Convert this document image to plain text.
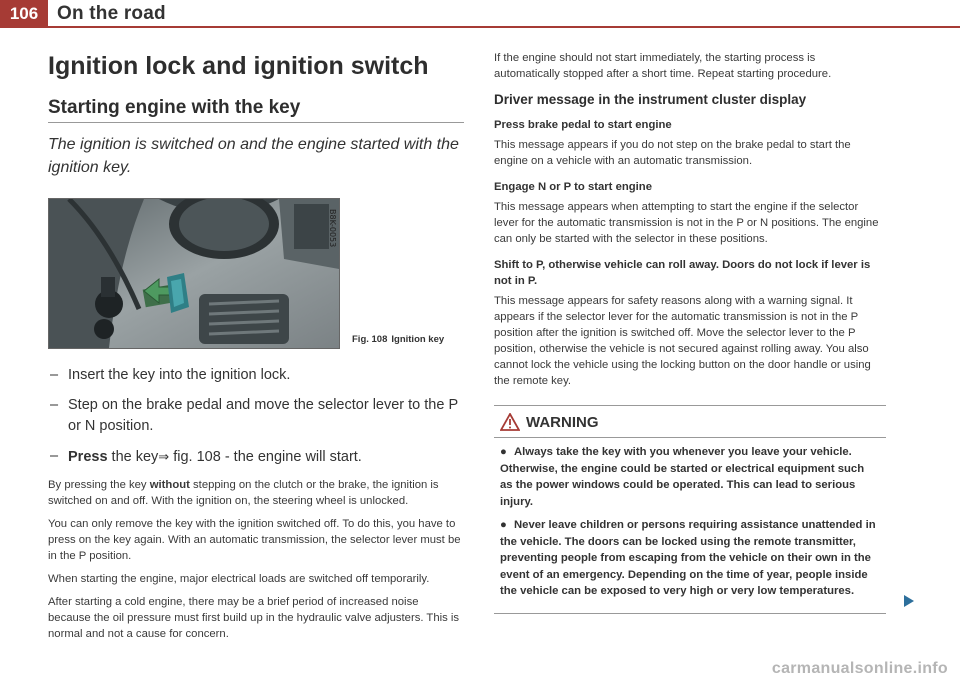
106 On the road
Ignition lock and ignition switch
Starting engine with the key

The ignition is switched on and the engine started with the ignition key.

B8K-0053
Fig. 108 Ignition key
– Insert the key into the ignition lock.
– Step on the brake pedal and move the selector lever to the P or N position.
– Press the key⇒ fig. 108 - the engine will start.

By pressing the key without stepping on the clutch or the brake, the ignition is switched on and off. With the ignition on, the steering wheel is unlocked.

You can only remove the key with the ignition switched off. To do this, you have to press on the key again. With an automatic transmission, the selector lever must be in the P position.

When starting the engine, major electrical loads are switched off temporarily.

After starting a cold engine, there may be a brief period of increased noise because the oil pressure must first build up in the hydraulic valve adjusters. This is normal and not a cause for concern.

If the engine should not start immediately, the starting process is automatically stopped after a short time. Repeat starting procedure.

Driver message in the instrument cluster display
Press brake pedal to start engine

This message appears if you do not step on the brake pedal to start the engine on a vehicle with an automatic transmission.

Engage N or P to start engine

This message appears when attempting to start the engine if the selector lever for the automatic transmission is not in the P or N positions. The engine can only be started with the selector in these positions.

Shift to P, otherwise vehicle can roll away. Doors do not lock if lever is not in P.

This message appears for safety reasons along with a warning signal. It appears if the selector lever for the automatic transmission is not in the P position after the ignition is switched off. Move the selector lever to the P position, otherwise the vehicle is not secured against rolling away. You also cannot lock the vehicle using the locking button on the door handle or using the remote key.

WARNING
● Always take the key with you whenever you leave your vehicle. Otherwise, the engine could be started or electrical equipment such as the power windows could be operated. This can lead to serious injury.
● Never leave children or persons requiring assistance unattended in the vehicle. The doors can be locked using the remote transmitter, preventing people from escaping from the vehicle on their own in the event of an emergency. Depending on the time of year, people inside the vehicle can be exposed to very high or very low temperatures.
carmanualsonline.info
